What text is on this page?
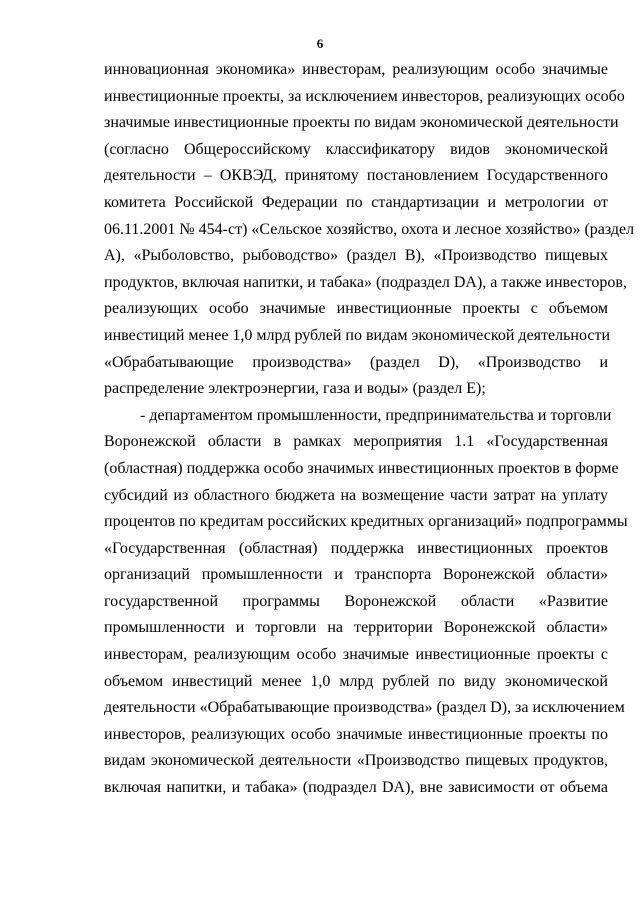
6
инновационная экономика» инвесторам, реализующим особо значимые
инвестиционные проекты, за исключением инвесторов, реализующих особо
значимые инвестиционные проекты по видам экономической деятельности
(согласно Общероссийскому классификатору видов экономической
деятельности – ОКВЭД, принятому постановлением Государственного
комитета Российской Федерации по стандартизации и метрологии от
06.11.2001 № 454-ст) «Сельское хозяйство, охота и лесное хозяйство» (раздел
А), «Рыболовство, рыбоводство» (раздел В), «Производство пищевых
продуктов, включая напитки, и табака» (подраздел DA), а также инвесторов,
реализующих особо значимые инвестиционные проекты с объемом
инвестиций менее 1,0 млрд рублей по видам экономической деятельности
«Обрабатывающие производства» (раздел D), «Производство и
распределение электроэнергии, газа и воды» (раздел Е);
- департаментом промышленности, предпринимательства и торговли
Воронежской области в рамках мероприятия 1.1 «Государственная
(областная) поддержка особо значимых инвестиционных проектов в форме
субсидий из областного бюджета на возмещение части затрат на уплату
процентов по кредитам российских кредитных организаций» подпрограммы
«Государственная (областная) поддержка инвестиционных проектов
организаций промышленности и транспорта Воронежской области»
государственной программы Воронежской области «Развитие
промышленности и торговли на территории Воронежской области»
инвесторам, реализующим особо значимые инвестиционные проекты с
объемом инвестиций менее 1,0 млрд рублей по виду экономической
деятельности «Обрабатывающие производства» (раздел D), за исключением
инвесторов, реализующих особо значимые инвестиционные проекты по
видам экономической деятельности «Производство пищевых продуктов,
включая напитки, и табака» (подраздел DA), вне зависимости от объема
